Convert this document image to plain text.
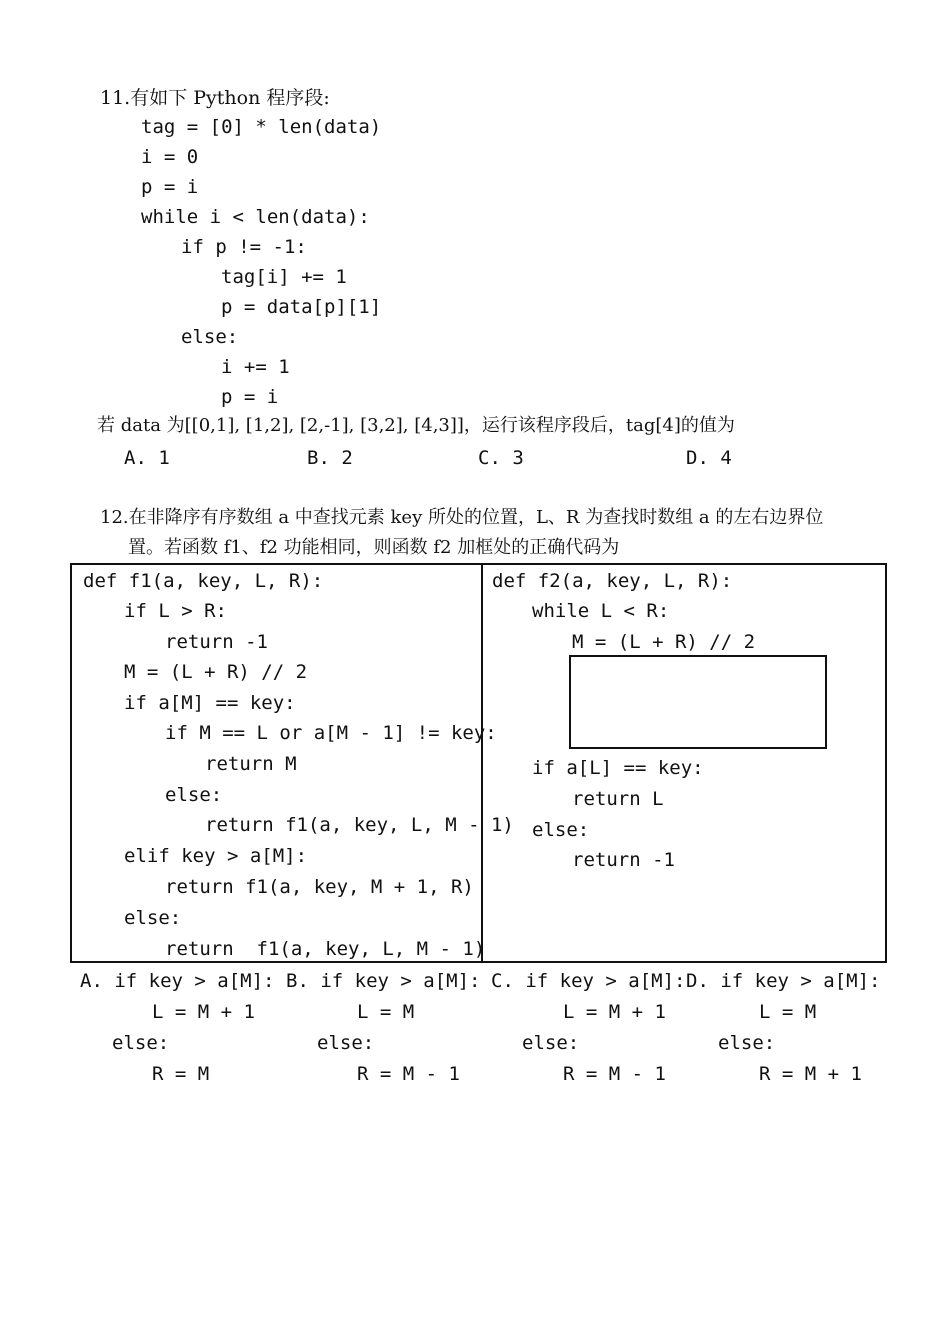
11.有如下 Python 程序段:
tag = [0] * len(data)
i = 0
p = i
while i < len(data):
if p != -1:
tag[i] += 1
p = data[p][1]
else:
i += 1
p = i
若 data 为[[0,1], [1,2], [2,-1], [3,2], [4,3]]，运行该程序段后，tag[4]的值为
A. 1	B. 2	C. 3	D. 4
12.在非降序有序数组 a 中查找元素 key 所处的位置，L、R 为查找时数组 a 的左右边界位
置。若函数 f1、f2 功能相同，则函数 f2 加框处的正确代码为
def f1(a, key, L, R):
if L > R:
return -1
M = (L + R) // 2
if a[M] == key:
if M == L or a[M - 1] != key:
return M
else:
return f1(a, key, L, M - 1)
elif key > a[M]:
return f1(a, key, M + 1, R)
else:
return  f1(a, key, L, M - 1)
def f2(a, key, L, R):
while L < R:
M = (L + R) // 2
if a[L] == key:
return L
else:
return -1
A. if key > a[M]:
L = M + 1
else:
R = M
B. if key > a[M]:
L = M
else:
R = M - 1
C. if key > a[M]:
L = M + 1
else:
R = M - 1
D. if key > a[M]:
L = M
else:
R = M + 1
